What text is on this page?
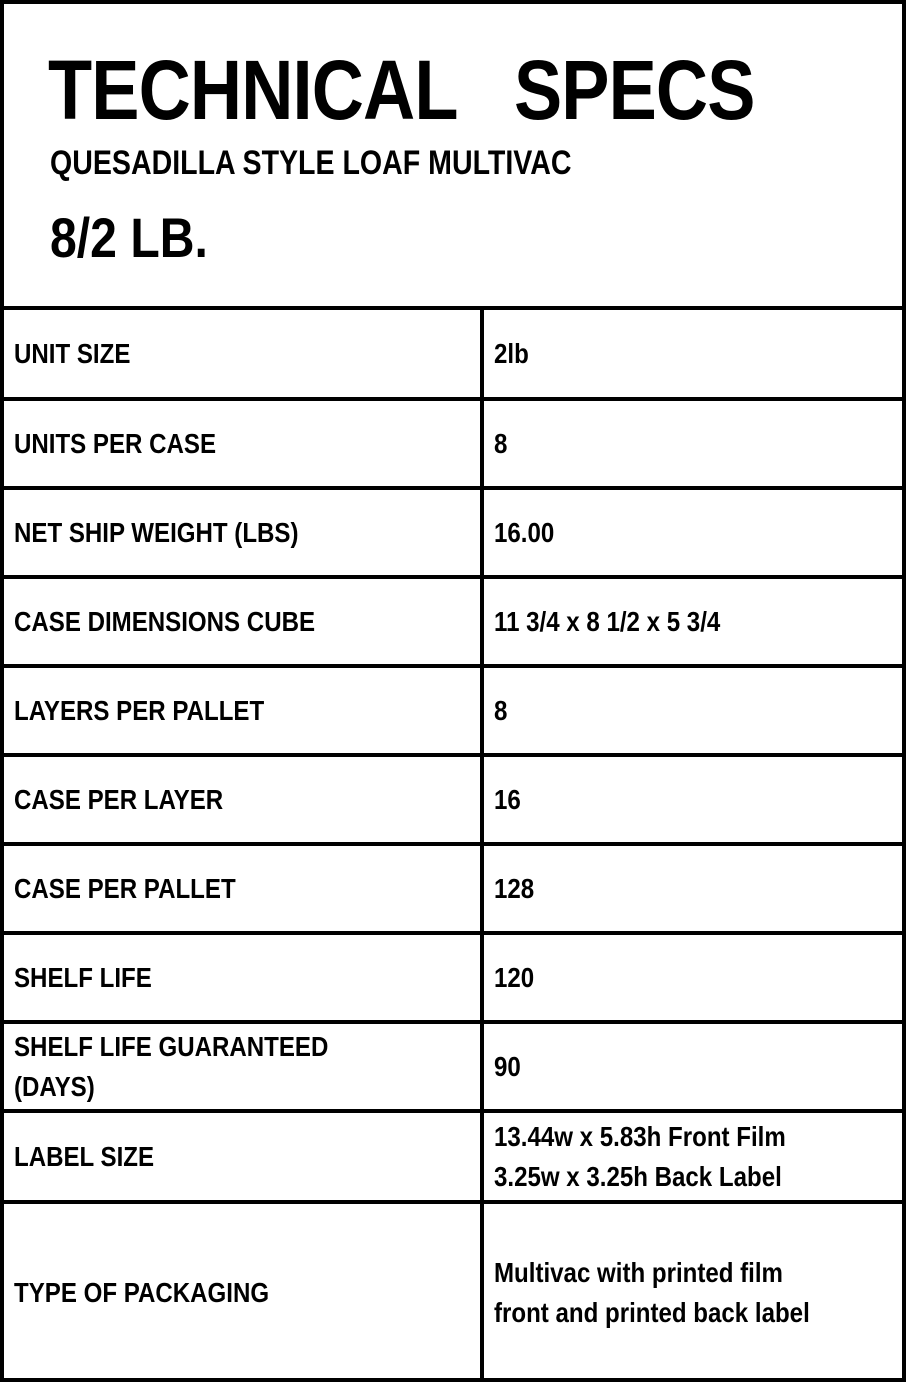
TECHNICAL   SPECS
QUESADILLA STYLE LOAF MULTIVAC
8/2 LB.
UNIT SIZE	2lb
UNITS PER CASE	8
NET SHIP WEIGHT (LBS)	16.00
CASE DIMENSIONS CUBE	11 3/4 x 8 1/2 x 5 3/4
LAYERS PER PALLET	8
CASE PER LAYER	16
CASE PER PALLET	128
SHELF LIFE	120
SHELF LIFE GUARANTEED (DAYS)	90
LABEL SIZE	13.44w x 5.83h Front Film
3.25w x 3.25h Back Label
TYPE OF PACKAGING	Multivac with printed film
front and printed back label
